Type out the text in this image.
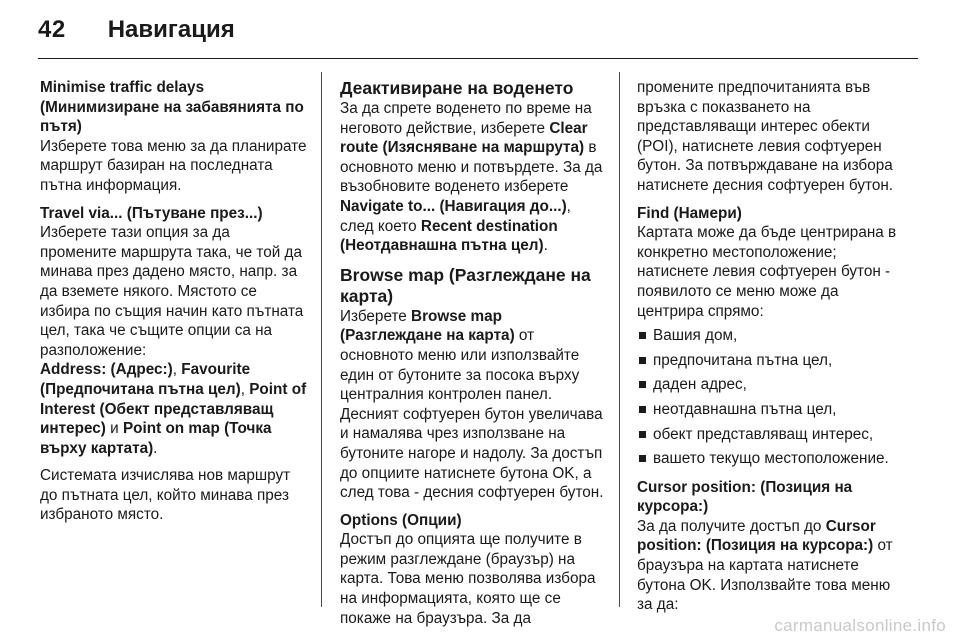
42 Навигация
Minimise traffic delays (Минимизиране на забавянията по пътя)
Изберете това меню за да планирате маршрут базиран на последната пътна информация.
Travel via... (Пътуване през...)
Изберете тази опция за да промените маршрута така, че той да минава през дадено място, напр. за да вземете някого. Мястото се избира по същия начин като пътната цел, така че същите опции са на разположение:
Address: (Адрес:), Favourite (Предпочитана пътна цел), Point of Interest (Обект представляващ интерес) и Point on map (Точка върху картата).
Системата изчислява нов маршрут до пътната цел, който минава през избраното място.
Деактивиране на воденето
За да спрете воденето по време на неговото действие, изберете Clear route (Изясняване на маршрута) в основното меню и потвърдете. За да възобновите воденето изберете Navigate to... (Навигация до...), след което Recent destination (Неотдавнашна пътна цел).
Browse map (Разглеждане на карта)
Изберете Browse map (Разглеждане на карта) от основното меню или използвайте един от бутоните за посока върху централния контролен панел. Десният софтуерен бутон увеличава и намалява чрез използване на бутоните нагоре и надолу. За достъп до опциите натиснете бутона OK, а след това - десния софтуерен бутон.
Options (Опции)
Достъп до опцията ще получите в режим разглеждане (браузър) на карта. Това меню позволява избора на информацията, която ще се покаже на браузъра. За да
промените предпочитанията във връзка с показването на представляващи интерес обекти (POI), натиснете левия софтуерен бутон. За потвърждаване на избора натиснете десния софтуерен бутон.
Find (Намери)
Картата може да бъде центрирана в конкретно местоположение; натиснете левия софтуерен бутон - появилото се меню може да центрира спрямо:
Вашия дом,
предпочитана пътна цел,
даден адрес,
неотдавнашна пътна цел,
обект представляващ интерес,
вашето текущо местоположение.
Cursor position: (Позиция на курсора:)
За да получите достъп до Cursor position: (Позиция на курсора:) от браузъра на картата натиснете бутона OK. Използвайте това меню за да:
carmanualsonline.info
